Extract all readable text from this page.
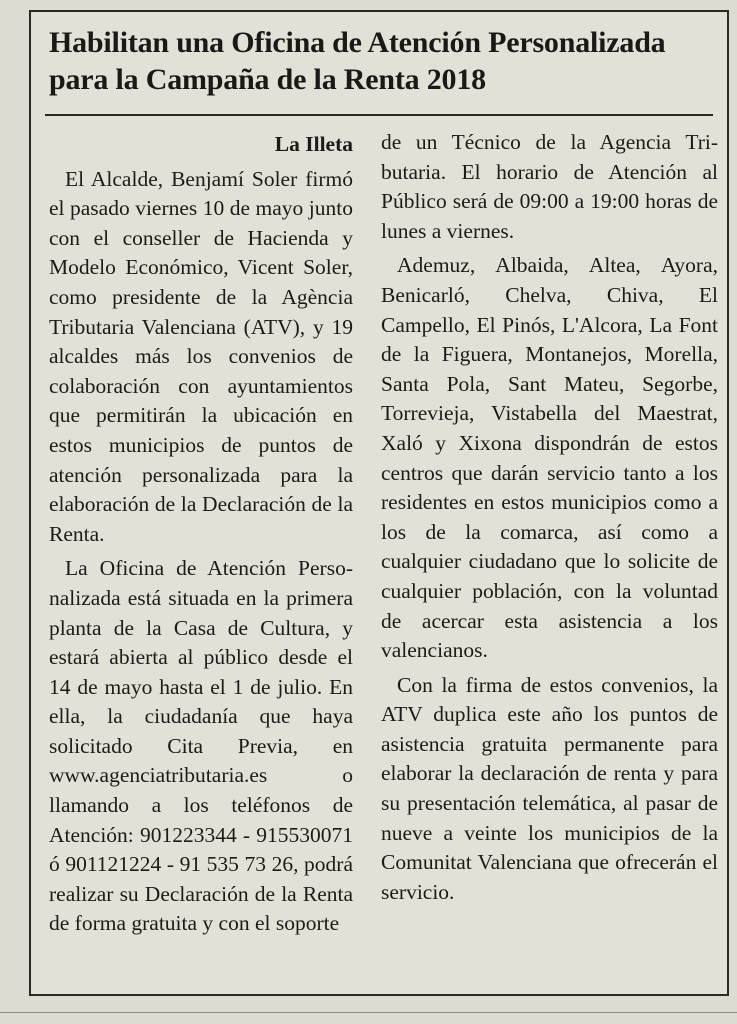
Habilitan una Oficina de Atención Personalizada para la Campaña de la Renta 2018

La Illeta

El Alcalde, Benjamí Soler firmó el pasado viernes 10 de mayo junto con el conseller de Hacienda y Modelo Económico, Vicent Soler, como presidente de la Agència Tributaria Valenciana (ATV), y 19 alcaldes más los convenios de colaboración con ayuntamientos que permitirán la ubicación en estos municipios de puntos de atención personalizada para la elaboración de la Declaración de la Renta.

La Oficina de Atención Personalizada está situada en la primera planta de la Casa de Cultura, y estará abierta al público desde el 14 de mayo hasta el 1 de julio. En ella, la ciudadanía que haya solicitado Cita Previa, en www.agenciatributaria.es o llamando a los teléfonos de Atención: 901223344 - 915530071 ó 901121224 - 91 535 73 26, podrá realizar su Declaración de la Renta de forma gratuita y con el soporte

de un Técnico de la Agencia Tributaria. El horario de Atención al Público será de 09:00 a 19:00 horas de lunes a viernes.

Ademuz, Albaida, Altea, Ayora, Benicarló, Chelva, Chiva, El Campello, El Pinós, L'Alcora, La Font de la Figuera, Montanejos, Morella, Santa Pola, Sant Mateu, Segorbe, Torrevieja, Vistabella del Maestrat, Xaló y Xixona dispondrán de estos centros que darán servicio tanto a los residentes en estos municipios como a los de la comarca, así como a cualquier ciudadano que lo solicite de cualquier población, con la voluntad de acercar esta asistencia a los valencianos.

Con la firma de estos convenios, la ATV duplica este año los puntos de asistencia gratuita permanente para elaborar la declaración de renta y para su presentación telemática, al pasar de nueve a veinte los municipios de la Comunitat Valenciana que ofrecerán el servicio.
